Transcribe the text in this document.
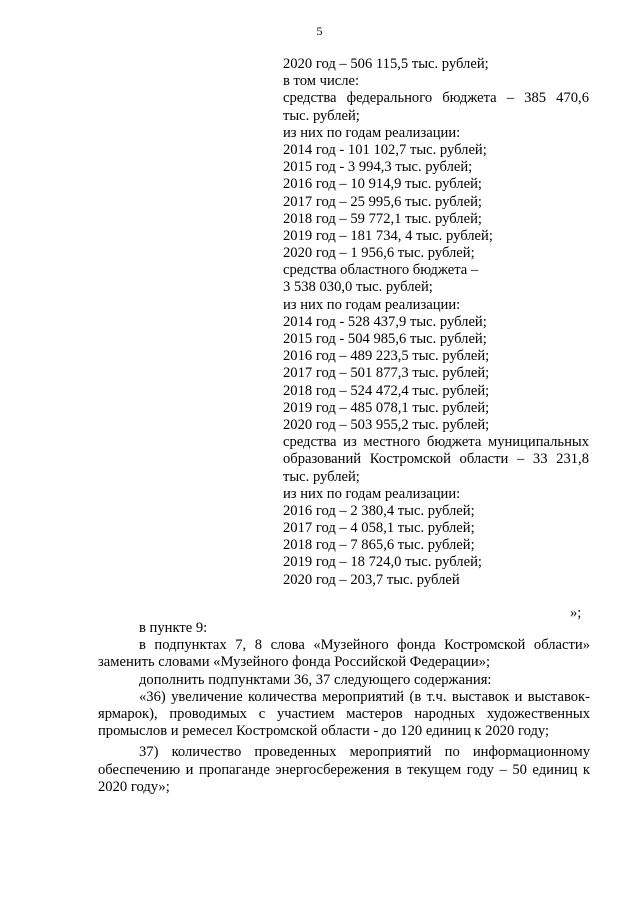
5
2020 год – 506 115,5 тыс. рублей;
в том числе:
средства федерального бюджета – 385 470,6
тыс. рублей;
из них по годам реализации:
2014 год - 101 102,7 тыс. рублей;
2015 год - 3 994,3 тыс. рублей;
2016 год – 10 914,9 тыс. рублей;
2017 год – 25 995,6 тыс. рублей;
2018 год – 59 772,1 тыс. рублей;
2019 год – 181 734, 4 тыс. рублей;
2020 год – 1 956,6 тыс. рублей;
средства областного бюджета –
3 538 030,0 тыс. рублей;
из них по годам реализации:
2014 год - 528 437,9 тыс. рублей;
2015 год - 504 985,6 тыс. рублей;
2016 год – 489 223,5 тыс. рублей;
2017 год – 501 877,3 тыс. рублей;
2018 год – 524 472,4 тыс. рублей;
2019 год – 485 078,1 тыс. рублей;
2020 год – 503 955,2 тыс. рублей;
средства из местного бюджета муниципальных
образований Костромской области – 33 231,8
тыс. рублей;
из них по годам реализации:
2016 год – 2 380,4 тыс. рублей;
2017 год – 4 058,1 тыс. рублей;
2018 год – 7 865,6 тыс. рублей;
2019 год – 18 724,0 тыс. рублей;
2020 год – 203,7 тыс. рублей
»;

в пункте 9:

в подпунктах 7, 8 слова «Музейного фонда Костромской области» заменить словами «Музейного фонда Российской Федерации»;

дополнить подпунктами 36, 37 следующего содержания:

«36) увеличение количества мероприятий (в т.ч. выставок и выставок-ярмарок), проводимых с участием мастеров народных художественных промыслов и ремесел Костромской области - до 120 единиц к 2020 году;

37) количество проведенных мероприятий по информационному обеспечению и пропаганде энергосбережения в текущем году – 50 единиц к 2020 году»;
